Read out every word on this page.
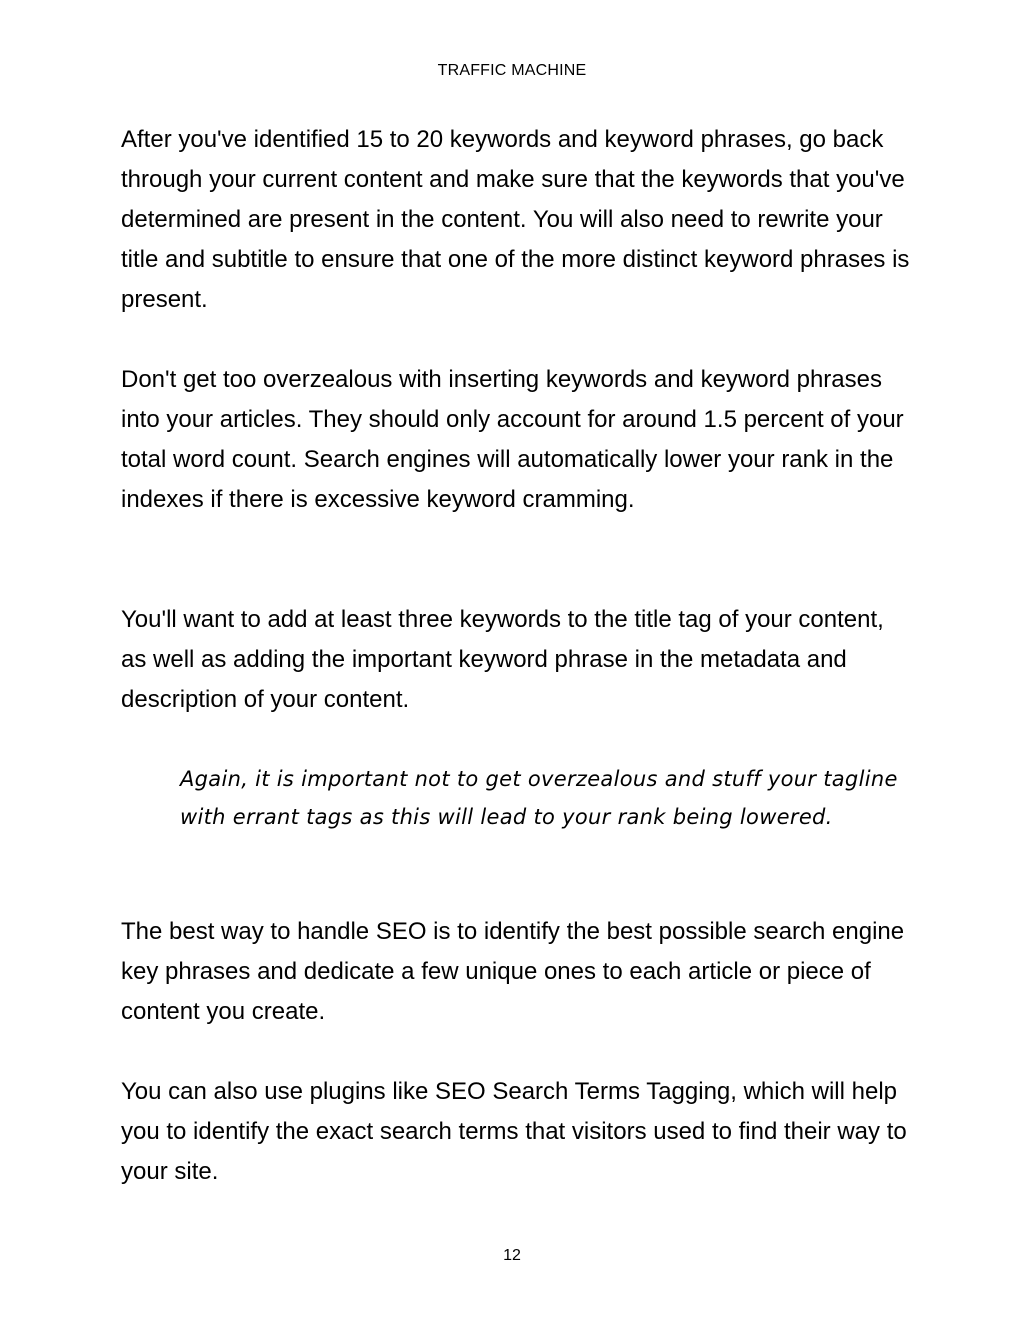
TRAFFIC MACHINE

After you've identified 15 to 20 keywords and keyword phrases, go back through your current content and make sure that the keywords that you've determined are present in the content. You will also need to rewrite your title and subtitle to ensure that one of the more distinct keyword phrases is present.

Don't get too overzealous with inserting keywords and keyword phrases into your articles. They should only account for around 1.5 percent of your total word count. Search engines will automatically lower your rank in the indexes if there is excessive keyword cramming.

You'll want to add at least three keywords to the title tag of your content, as well as adding the important keyword phrase in the metadata and description of your content.

Again, it is important not to get overzealous and stuff your tagline with errant tags as this will lead to your rank being lowered.

The best way to handle SEO is to identify the best possible search engine key phrases and dedicate a few unique ones to each article or piece of content you create.

You can also use plugins like SEO Search Terms Tagging, which will help you to identify the exact search terms that visitors used to find their way to your site.

12
